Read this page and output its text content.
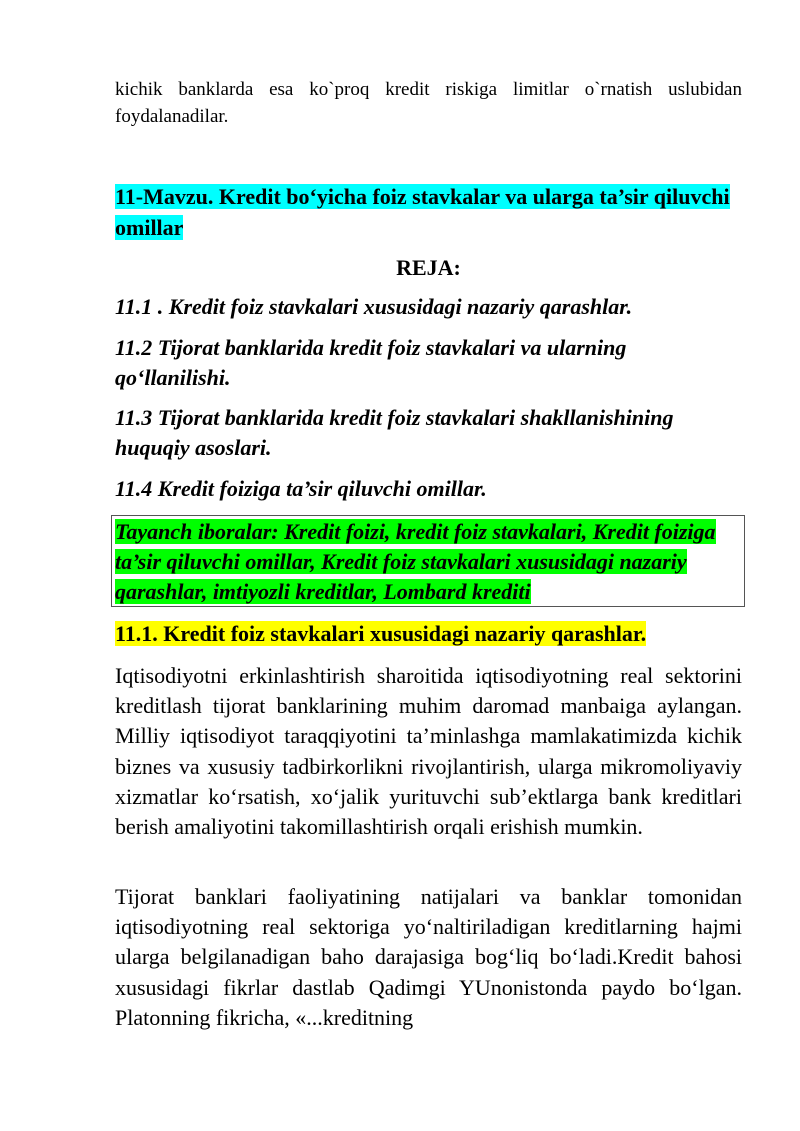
kichik banklarda esa ko`proq kredit riskiga limitlar o`rnatish uslubidan foydalanadilar.

11-Mavzu. Kredit bo‘yicha foiz stavkalar va ularga ta’sir qiluvchi omillar

REJA:

11.1 . Kredit foiz stavkalari xususidagi nazariy qarashlar.

11.2 Tijorat banklarida kredit foiz stavkalari va ularning qo‘llanilishi.

11.3 Tijorat banklarida kredit foiz stavkalari shakllanishining huquqiy asoslari.

11.4 Kredit foiziga ta’sir qiluvchi omillar.

Tayanch iboralar: Kredit foizi, kredit foiz stavkalari, Kredit foiziga ta’sir qiluvchi omillar, Kredit foiz stavkalari xususidagi nazariy qarashlar, imtiyozli kreditlar, Lombard krediti

11.1. Kredit foiz stavkalari xususidagi nazariy qarashlar.

Iqtisodiyotni erkinlashtirish sharoitida iqtisodiyotning real sektorini kreditlash tijorat banklarining muhim daromad manbaiga aylangan. Milliy iqtisodiyot taraqqiyotini ta’minlashga mamlakatimizda kichik biznes va xususiy tadbirkorlikni rivojlantirish, ularga mikromoliyaviy xizmatlar ko‘rsatish, xo‘jalik yurituvchi sub’ektlarga bank kreditlari berish amaliyotini takomillashtirish orqali erishish mumkin.

Tijorat banklari faoliyatining natijalari va banklar tomonidan iqtisodiyotning real sektoriga yo‘naltiriladigan kreditlarning hajmi ularga belgilanadigan baho darajasiga bog‘liq bo‘ladi.Kredit bahosi xususidagi fikrlar dastlab Qadimgi YUnonistonda paydo bo‘lgan. Platonning fikricha, «...kreditning
